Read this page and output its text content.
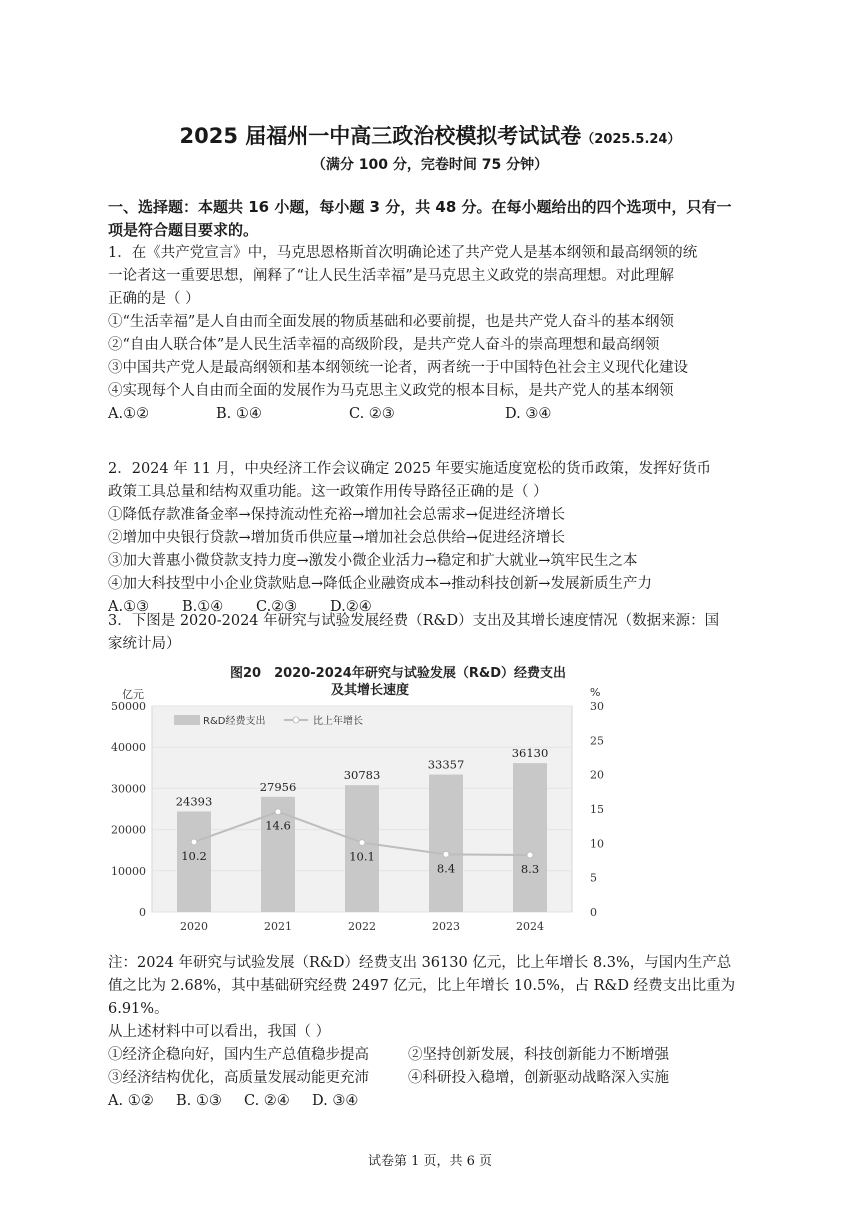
2025 届福州一中高三政治校模拟考试试卷（2025.5.24）
（满分 100 分，完卷时间 75 分钟）
一、选择题：本题共 16 小题，每小题 3 分，共 48 分。在每小题给出的四个选项中，只有一
项是符合题目要求的。

1．在《共产党宣言》中，马克思恩格斯首次明确论述了共产党人是基本纲领和最高纲领的统

一论者这一重要思想，阐释了“让人民生活幸福”是马克思主义政党的崇高理想。对此理解

正确的是（ ）

①“生活幸福”是人自由而全面发展的物质基础和必要前提，也是共产党人奋斗的基本纲领

②“自由人联合体”是人民生活幸福的高级阶段，是共产党人奋斗的崇高理想和最高纲领

③中国共产党人是最高纲领和基本纲领统一论者，两者统一于中国特色社会主义现代化建设

④实现每个人自由而全面的发展作为马克思主义政党的根本目标，是共产党人的基本纲领

A.①②	B. ①④	C. ②③	D. ③④

2．2024 年 11 月，中央经济工作会议确定 2025 年要实施适度宽松的货币政策，发挥好货币

政策工具总量和结构双重功能。这一政策作用传导路径正确的是（ ）

①降低存款准备金率→保持流动性充裕→增加社会总需求→促进经济增长

②增加中央银行贷款→增加货币供应量→增加社会总供给→促进经济增长

③加大普惠小微贷款支持力度→激发小微企业活力→稳定和扩大就业→筑牢民生之本

④加大科技型中小企业贷款贴息→降低企业融资成本→推动科技创新→发展新质生产力

A.①③	B.①④	C.②③	D.②④

3．下图是 2020-2024 年研究与试验发展经费（R&D）支出及其增长速度情况（数据来源：国

家统计局）

图20　2020-2024年研究与试验发展（R&D）经费支出
及其增长速度
亿元	%
0
10000
20000
30000
40000
50000
0
5
10
15
20
25
30
24393
27956
30783
33357
36130
10.2
14.6
10.1
8.4	8.3
2020	2021	2022	2023	2024
R&D经费支出	比上年增长

注：2024 年研究与试验发展（R&D）经费支出 36130 亿元，比上年增长 8.3%，与国内生产总

值之比为 2.68%，其中基础研究经费 2497 亿元，比上年增长 10.5%，占 R&D 经费支出比重为

6.91%。

从上述材料中可以看出，我国（ ）

①经济企稳向好，国内生产总值稳步提高	②坚持创新发展，科技创新能力不断增强
③经济结构优化，高质量发展动能更充沛	④科研投入稳增，创新驱动战略深入实施

A. ①②	B. ①③	C. ②④	D. ③④

试卷第 1 页，共 6 页
